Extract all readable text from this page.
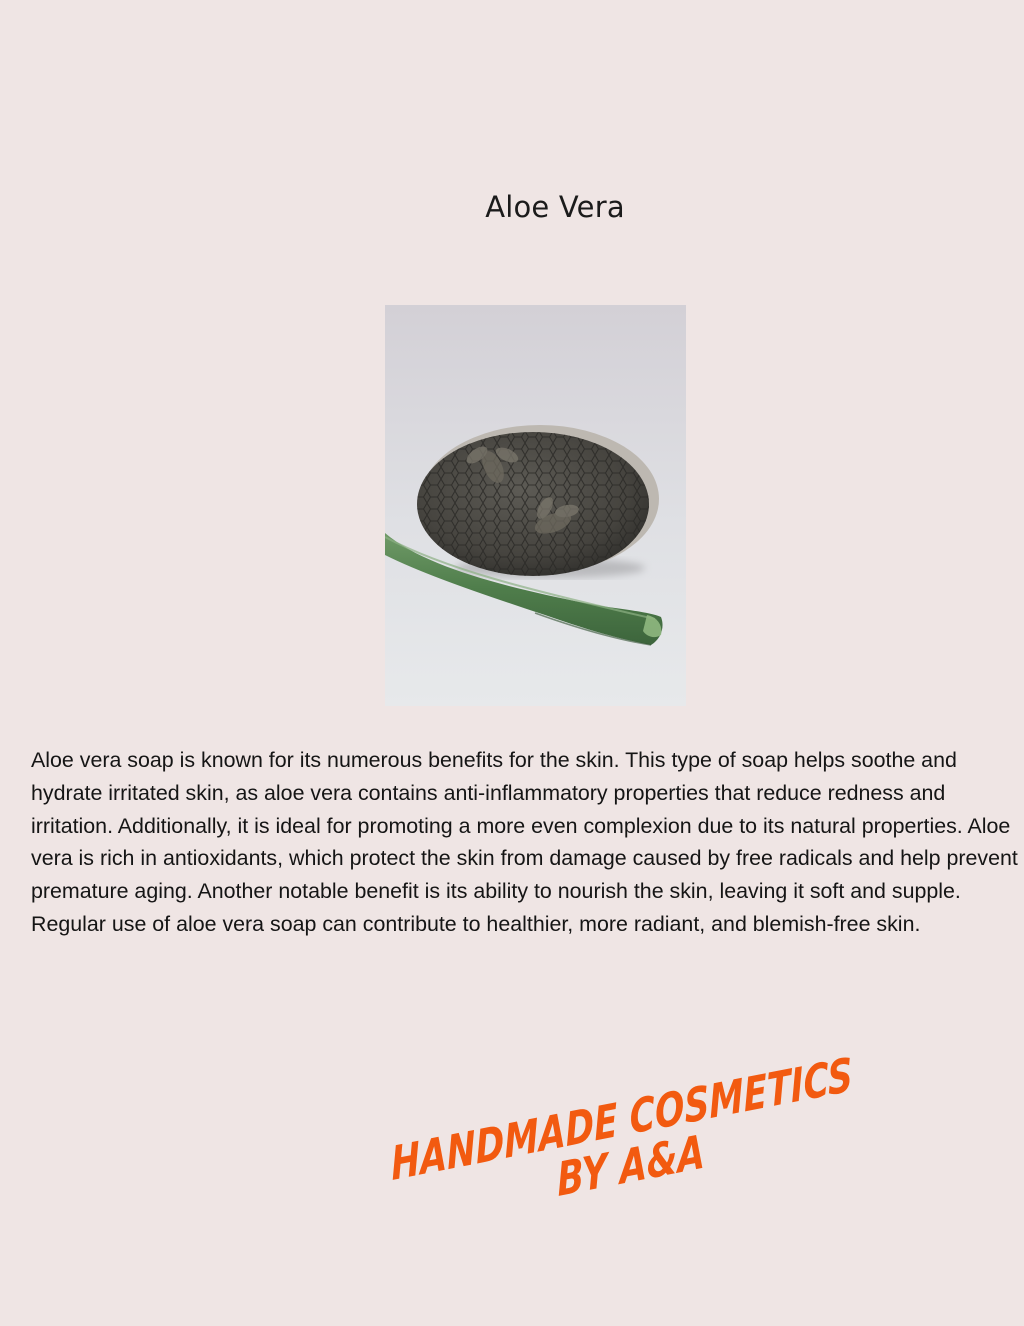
Aloe Vera

Aloe vera soap is known for its numerous benefits for the skin. This type of soap helps soothe and hydrate irritated skin, as aloe vera contains anti-inflammatory properties that reduce redness and irritation. Additionally, it is ideal for promoting a more even complexion due to its natural properties. Aloe vera is rich in antioxidants, which protect the skin from damage caused by free radicals and help prevent premature aging. Another notable benefit is its ability to nourish the skin, leaving it soft and supple. Regular use of aloe vera soap can contribute to healthier, more radiant, and blemish-free skin.

HANDMADE COSMETICS
BY A&A
